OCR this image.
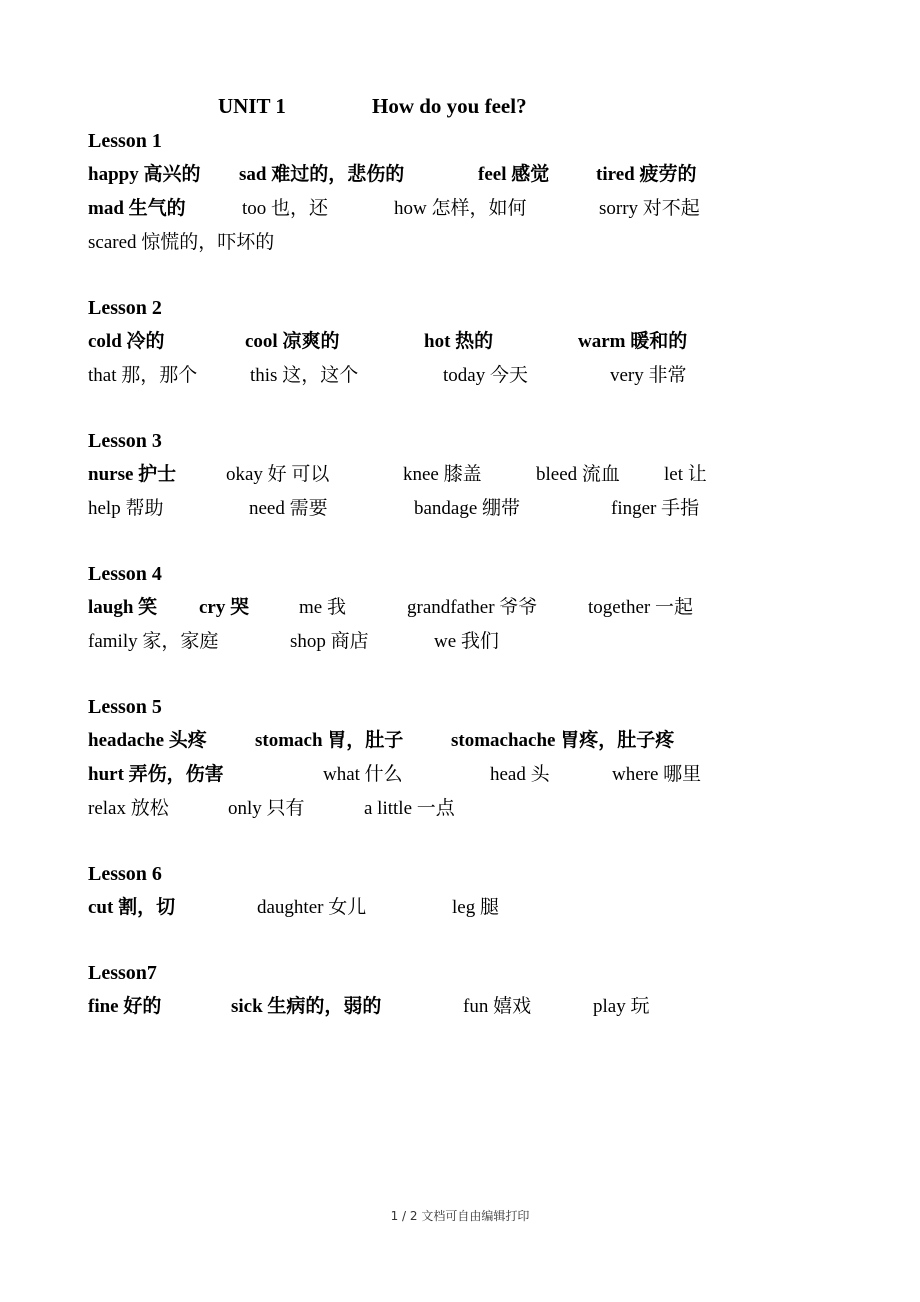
UNIT 1	How do you feel?
Lesson 1
happy 高兴的 sad 难过的，悲伤的	feel 感觉 tired 疲劳的
mad 生气的	too 也，还	how 怎样，如何	sorry 对不起
scared 惊慌的，吓坏的
Lesson 2
cold 冷的	cool 凉爽的	hot 热的	warm 暖和的
that 那，那个	this 这，这个	today 今天	very 非常
Lesson 3
nurse 护士	okay 好 可以	knee 膝盖	bleed 流血 let 让
help 帮助	need 需要	bandage 绷带	finger 手指
Lesson 4
laugh 笑 cry 哭	me 我	grandfather 爷爷	together 一起
family 家，家庭	shop 商店	we 我们
Lesson 5
headache 头疼	stomach 胃，肚子	stomachache 胃疼，肚子疼
hurt 弄伤，伤害	what 什么	head 头	where 哪里
relax 放松	only 只有	a little 一点
Lesson 6
cut 割，切	daughter 女儿	leg 腿
Lesson7
fine 好的	sick 生病的，弱的	fun 嬉戏	play 玩
1 / 2 文档可自由编辑打印
